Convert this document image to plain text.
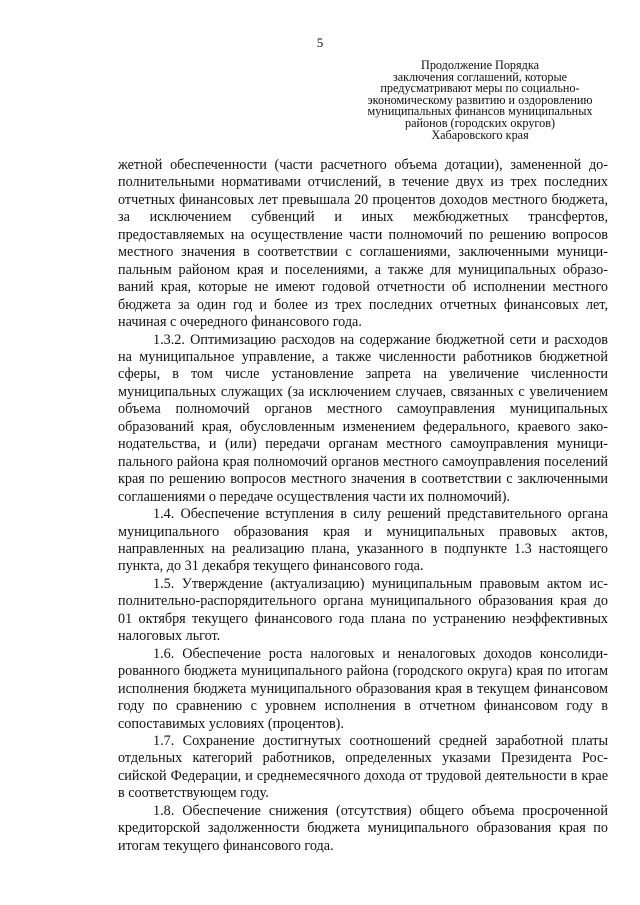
5
Продолжение Порядка
заключения соглашений, которые
предусматривают меры по социально-
экономическому развитию и оздоровлению
муниципальных финансов муниципальных
районов (городских округов)
Хабаровского края

жетной обеспеченности (части расчетного объема дотации), замененной дополнительными нормативами отчислений, в течение двух из трех последних отчетных финансовых лет превышала 20 процентов доходов местного бюджета, за исключением субвенций и иных межбюджетных трансфертов, предоставляемых на осуществление части полномочий по решению вопросов местного значения в соответствии с соглашениями, заключенными муниципальным районом края и поселениями, а также для муниципальных образований края, которые не имеют годовой отчетности об исполнении местного бюджета за один год и более из трех последних отчетных финансовых лет, начиная с очередного финансового года.

1.3.2. Оптимизацию расходов на содержание бюджетной сети и расходов на муниципальное управление, а также численности работников бюджетной сферы, в том числе установление запрета на увеличение численности муниципальных служащих (за исключением случаев, связанных с увеличением объема полномочий органов местного самоуправления муниципальных образований края, обусловленным изменением федерального, краевого законодательства, и (или) передачи органам местного самоуправления муниципального района края полномочий органов местного самоуправления поселений края по решению вопросов местного значения в соответствии с заключенными соглашениями о передаче осуществления части их полномочий).

1.4. Обеспечение вступления в силу решений представительного органа муниципального образования края и муниципальных правовых актов, направленных на реализацию плана, указанного в подпункте 1.3 настоящего пункта, до 31 декабря текущего финансового года.

1.5. Утверждение (актуализацию) муниципальным правовым актом исполнительно-распорядительного органа муниципального образования края до 01 октября текущего финансового года плана по устранению неэффективных налоговых льгот.

1.6. Обеспечение роста налоговых и неналоговых доходов консолидированного бюджета муниципального района (городского округа) края по итогам исполнения бюджета муниципального образования края в текущем финансовом году по сравнению с уровнем исполнения в отчетном финансовом году в сопоставимых условиях (процентов).

1.7. Сохранение достигнутых соотношений средней заработной платы отдельных категорий работников, определенных указами Президента Российской Федерации, и среднемесячного дохода от трудовой деятельности в крае в соответствующем году.

1.8. Обеспечение снижения (отсутствия) общего объема просроченной кредиторской задолженности бюджета муниципального образования края по итогам текущего финансового года.
